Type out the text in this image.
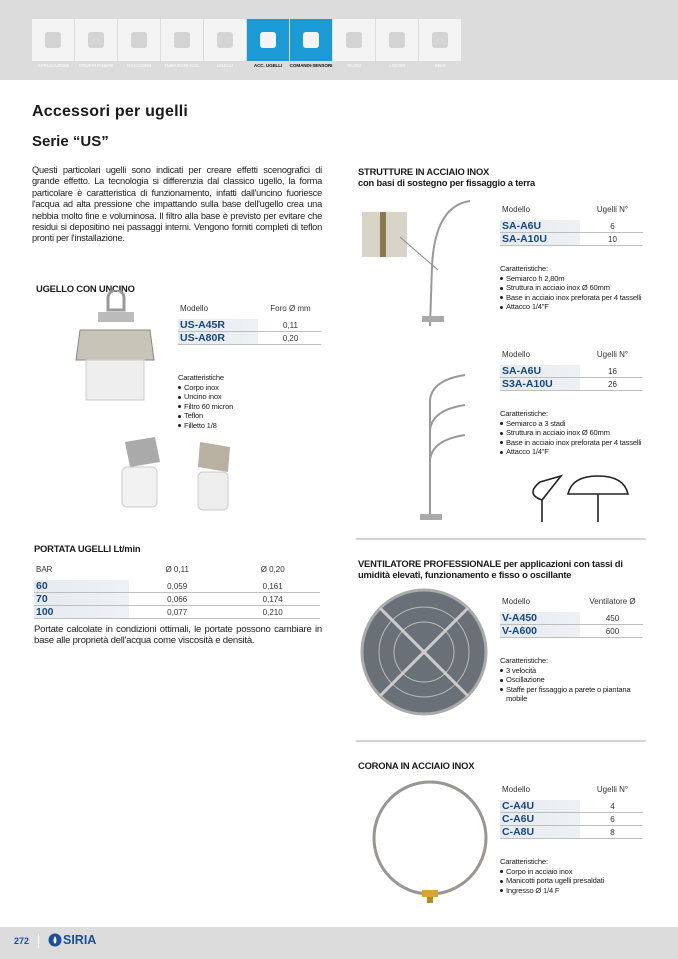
APPLICAZIONI	GRUPPI POMPE	RACCORDI	TUBAZIONI ACC.	UGELLI	ACC. UGELLI	COMANDI-SENSORI	FILTRI	LIQUIDI	ARIA
Accessori per ugelli
Serie “US”

Questi particolari ugelli sono indicati per creare effetti scenografici di grande effetto. La tecnologia si differenzia dal classico ugello, la forma particolare è caratteristica di funzionamento, infatti dall'uncino fuoriesce l'acqua ad alta pressione che impattando sulla base dell'ugello crea una nebbia molto fine e voluminosa. Il filtro alla base è previsto per evitare che residui si depositino nei passaggi interni. Vengono forniti completi di teflon pronti per l'installazione.

UGELLO CON UNCINO
Modello	Foro Ø mm
US-A45R	0,11
US-A80R	0,20
Caratteristiche
Corpo inox
Uncino inox
Filtro 60 micron
Teflon
Filletto 1/8
PORTATA UGELLI Lt/min
BAR	Ø 0,11	Ø 0,20
60	0,059	0,161
70	0,066	0,174
100	0,077	0,210

Portate calcolate in condizioni ottimali, le portate possono cambiare in base alle proprietà dell'acqua come viscosità e densità.

STRUTTURE IN ACCIAIO INOX
con basi di sostegno per fissaggio a terra
Modello	Ugelli N°
SA-A6U	6
SA-A10U	10
Caratteristiche:
Semiarco h 2,80m
Struttura in acciaio inox Ø 60mm
Base in acciaio inox preforata per 4 tasselli
Attacco 1/4"F
Modello	Ugelli N°
SA-A6U	16
S3A-A10U	26
Caratteristiche:
Semiarco a 3 stadi
Struttura in acciaio inox Ø 60mm
Base in acciaio inox preforata per 4 tasselli
Attacco 1/4"F
VENTILATORE PROFESSIONALE per applicazioni con tassi di umidità elevati, funzionamento e fisso o oscillante
Modello	Ventilatore Ø
V-A450	450
V-A600	600
Caratteristiche:
3 velocità
Oscillazione
Staffe per fissaggio a parete o piantana mobile
CORONA IN ACCIAIO INOX
Modello	Ugelli N°
C-A4U	4
C-A6U	6
C-A8U	8
Caratteristiche:
Corpo in acciaio inox
Manicotti porta ugelli presaldati
Ingresso Ø 1/4 F
272	SIRIA
